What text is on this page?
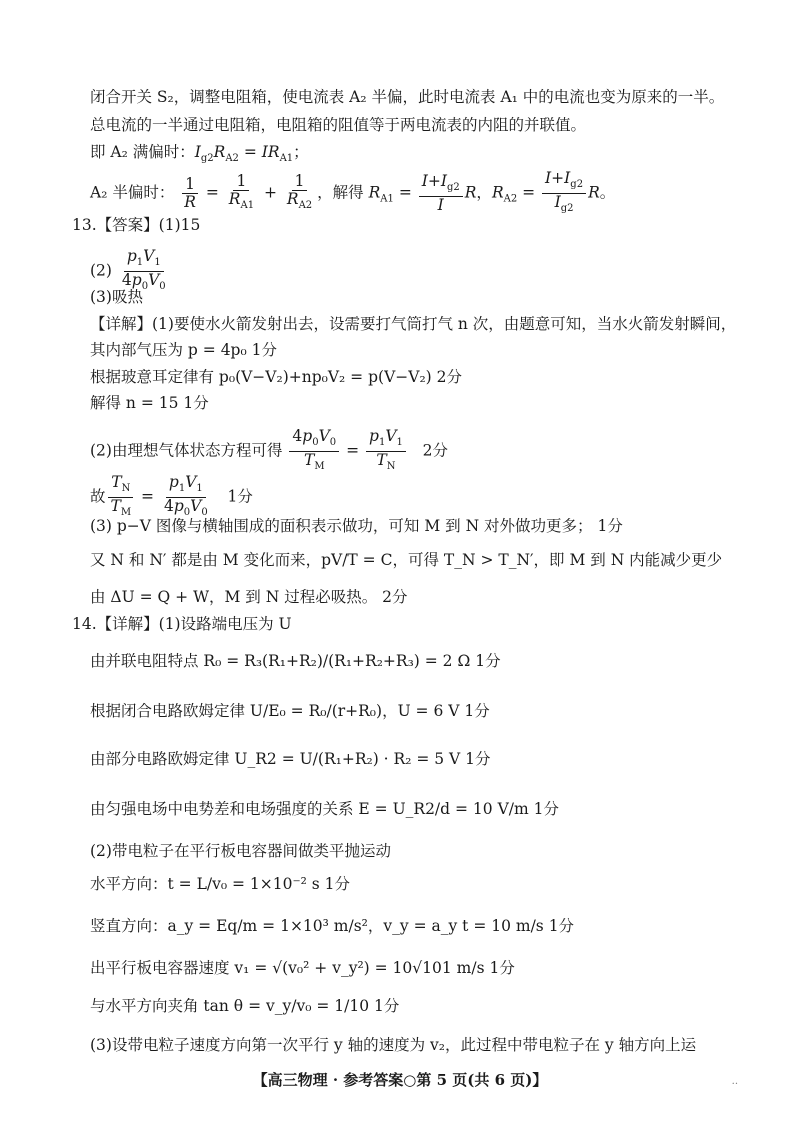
闭合开关 S₂，调整电阻箱，使电流表 A₂ 半偏，此时电流表 A₁ 中的电流也变为原来的一半。
总电流的一半通过电阻箱，电阻箱的阻值等于两电流表的内阻的并联值。
即 A₂ 满偏时：$I_{g2}R_{A2} = IR_{A1}$；
A₂ 半偏时： $\frac{1}{R} = \frac{1}{R_{A1}} + \frac{1}{R_{A2}}$ ，解得 $R_{A1} = \frac{I+I_{g2}}{I}$ R，$R_{A2} = \frac{I+I_{g2}}{I_{g2}}$ R。
13.【答案】(1)15
$(2) \frac{p_1V_1}{4p_0V_0}$
(3)吸热
【详解】(1)要使水火箭发射出去，设需要打气筒打气 n 次，由题意可知，当水火箭发射瞬间，
其内部气压为 p = 4p₀ 1分
根据玻意耳定律有 p₀(V−V₂)+np₀V₂ = p(V−V₂) 2分
解得 n = 15 1分
(2)由理想气体状态方程可得 $\frac{4p_0V_0}{T_M} = \frac{p_1V_1}{T_N} 2$分
故 $\frac{T_N}{T_M} = \frac{p_1V_1}{4p_0V_0} 1$分
(3) p−V 图像与横轴围成的面积表示做功，可知 M 到 N 对外做功更多； 1分
又 N 和 N′ 都是由 M 变化而来，pV/T = C，可得 T_N > T_N′，即 M 到 N 内能减少更少
由 ΔU = Q + W，M 到 N 过程必吸热。 2分
14.【详解】(1)设路端电压为 U
由并联电阻特点 R₀ = R₃(R₁+R₂)/(R₁+R₂+R₃) = 2 Ω 1分
根据闭合电路欧姆定律 U/E₀ = R₀/(r+R₀)，U = 6 V 1分
由部分电路欧姆定律 U_R2 = U/(R₁+R₂) · R₂ = 5 V 1分
由匀强电场中电势差和电场强度的关系 E = U_R2/d = 10 V/m 1分
(2)带电粒子在平行板电容器间做类平抛运动
水平方向：t = L/v₀ = 1×10⁻² s 1分
竖直方向：a_y = Eq/m = 1×10³ m/s²，v_y = a_y t = 10 m/s 1分
出平行板电容器速度 v₁ = √(v₀² + v_y²) = 10√101 m/s 1分
与水平方向夹角 tan θ = v_y/v₀ = 1/10 1分
(3)设带电粒子速度方向第一次平行 y 轴的速度为 v₂，此过程中带电粒子在 y 轴方向上运
【高三物理 · 参考答案○第 5 页(共 6 页)】	..
